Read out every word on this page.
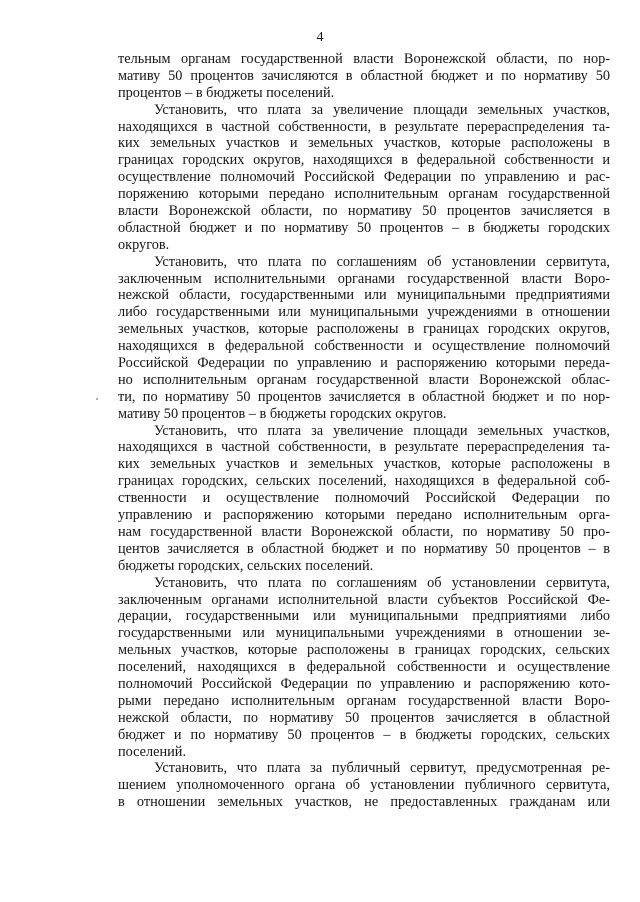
4
тельным органам государственной власти Воронежской области, по нор-
мативу 50 процентов зачисляются в областной бюджет и по нормативу 50
процентов – в бюджеты поселений.
Установить, что плата за увеличение площади земельных участков,
находящихся в частной собственности, в результате перераспределения та-
ких земельных участков и земельных участков, которые расположены в
границах городских округов, находящихся в федеральной собственности и
осуществление полномочий Российской Федерации по управлению и рас-
поряжению которыми передано исполнительным органам государственной
власти Воронежской области, по нормативу 50 процентов зачисляется в
областной бюджет и по нормативу 50 процентов – в бюджеты городских
округов.
Установить, что плата по соглашениям об установлении сервитута,
заключенным исполнительными органами государственной власти Воро-
нежской области, государственными или муниципальными предприятиями
либо государственными или муниципальными учреждениями в отношении
земельных участков, которые расположены в границах городских округов,
находящихся в федеральной собственности и осуществление полномочий
Российской Федерации по управлению и распоряжению которыми переда-
но исполнительным органам государственной власти Воронежской облас-
ти, по нормативу 50 процентов зачисляется в областной бюджет и по нор-
мативу 50 процентов – в бюджеты городских округов.
Установить, что плата за увеличение площади земельных участков,
находящихся в частной собственности, в результате перераспределения та-
ких земельных участков и земельных участков, которые расположены в
границах городских, сельских поселений, находящихся в федеральной соб-
ственности и осуществление полномочий Российской Федерации по
управлению и распоряжению которыми передано исполнительным орга-
нам государственной власти Воронежской области, по нормативу 50 про-
центов зачисляется в областной бюджет и по нормативу 50 процентов – в
бюджеты городских, сельских поселений.
Установить, что плата по соглашениям об установлении сервитута,
заключенным органами исполнительной власти субъектов Российской Фе-
дерации, государственными или муниципальными предприятиями либо
государственными или муниципальными учреждениями в отношении зе-
мельных участков, которые расположены в границах городских, сельских
поселений, находящихся в федеральной собственности и осуществление
полномочий Российской Федерации по управлению и распоряжению кото-
рыми передано исполнительным органам государственной власти Воро-
нежской области, по нормативу 50 процентов зачисляется в областной
бюджет и по нормативу 50 процентов – в бюджеты городских, сельских
поселений.
Установить, что плата за публичный сервитут, предусмотренная ре-
шением уполномоченного органа об установлении публичного сервитута,
в отношении земельных участков, не предоставленных гражданам или
